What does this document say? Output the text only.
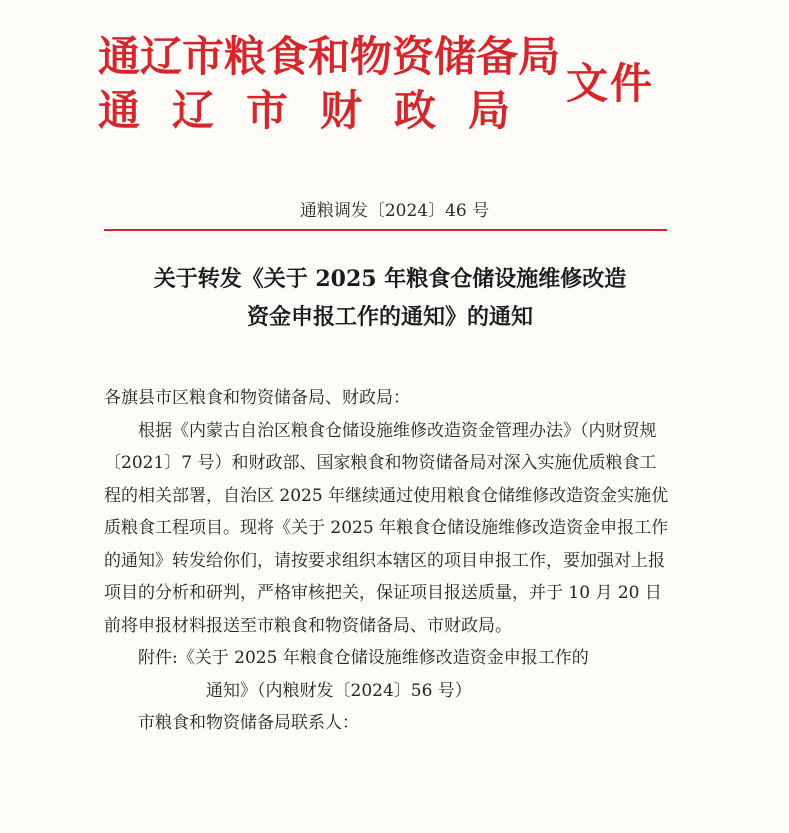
通辽市粮食和物资储备局
通辽市财政局
文件
通粮调发〔2024〕46 号
关于转发《关于 2025 年粮食仓储设施维修改造
资金申报工作的通知》的通知

各旗县市区粮食和物资储备局、财政局：

根据《内蒙古自治区粮食仓储设施维修改造资金管理办法》（内财贸规〔2021〕7 号）和财政部、国家粮食和物资储备局对深入实施优质粮食工程的相关部署，自治区 2025 年继续通过使用粮食仓储维修改造资金实施优质粮食工程项目。现将《关于 2025 年粮食仓储设施维修改造资金申报工作的通知》转发给你们，请按要求组织本辖区的项目申报工作，要加强对上报项目的分析和研判，严格审核把关，保证项目报送质量，并于 10 月 20 日前将申报材料报送至市粮食和物资储备局、市财政局。

附件:《关于 2025 年粮食仓储设施维修改造资金申报工作的

通知》（内粮财发〔2024〕56 号）

市粮食和物资储备局联系人：
